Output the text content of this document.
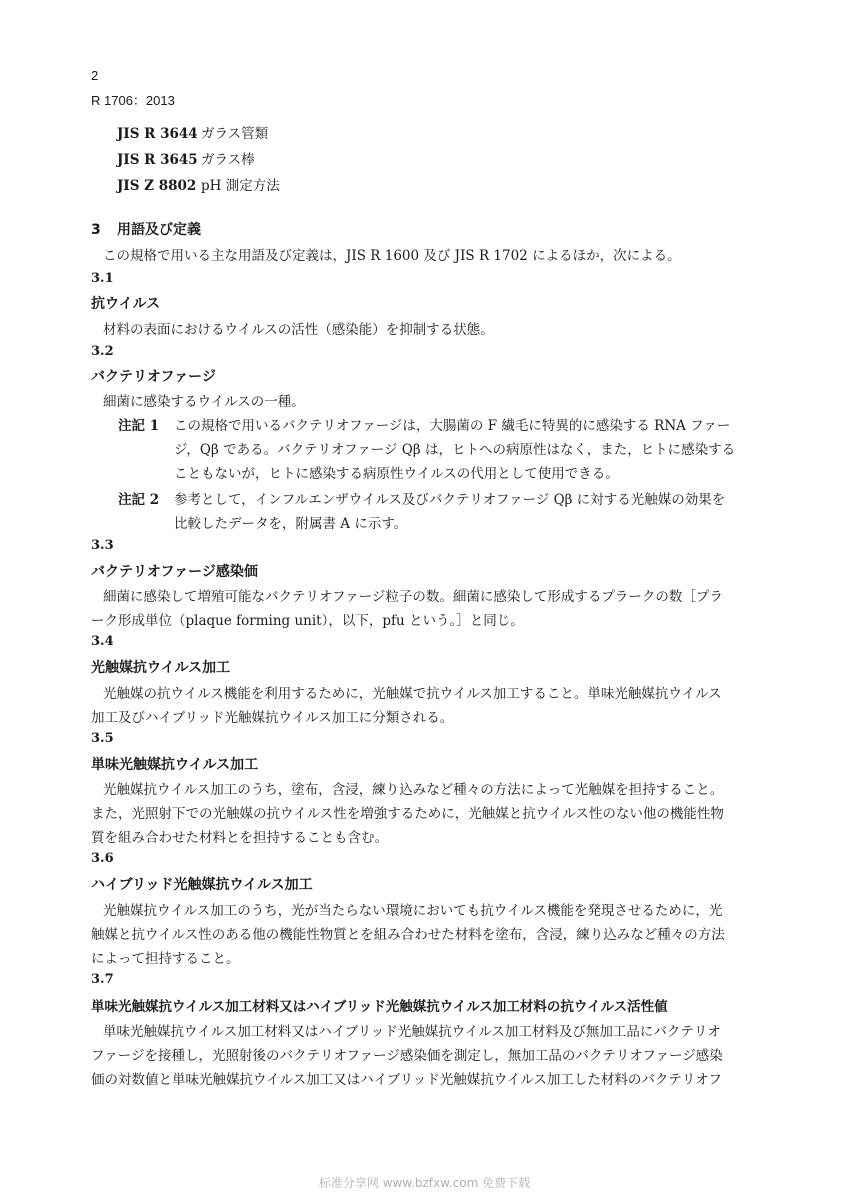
2
R 1706：2013
JIS R 3644 ガラス管類
JIS R 3645 ガラス棒
JIS Z 8802 pH 測定方法
3 用語及び定義
この規格で用いる主な用語及び定義は，JIS R 1600 及び JIS R 1702 によるほか，次による。
3.1
抗ウイルス
材料の表面におけるウイルスの活性（感染能）を抑制する状態。
3.2
バクテリオファージ
細菌に感染するウイルスの一種。
注記 1 この規格で用いるバクテリオファージは，大腸菌の F 繊毛に特異的に感染する RNA ファー
ジ，Qβ である。バクテリオファージ Qβ は，ヒトへの病原性はなく，また，ヒトに感染する
こともないが，ヒトに感染する病原性ウイルスの代用として使用できる。
注記 2 参考として，インフルエンザウイルス及びバクテリオファージ Qβ に対する光触媒の効果を
比較したデータを，附属書 A に示す。
3.3
バクテリオファージ感染価
細菌に感染して増殖可能なバクテリオファージ粒子の数。細菌に感染して形成するプラークの数［プラ
ーク形成単位（plaque forming unit），以下，pfu という。］と同じ。
3.4
光触媒抗ウイルス加工
光触媒の抗ウイルス機能を利用するために，光触媒で抗ウイルス加工すること。単味光触媒抗ウイルス
加工及びハイブリッド光触媒抗ウイルス加工に分類される。
3.5
単味光触媒抗ウイルス加工
光触媒抗ウイルス加工のうち，塗布，含浸，練り込みなど種々の方法によって光触媒を担持すること。
また，光照射下での光触媒の抗ウイルス性を増強するために，光触媒と抗ウイルス性のない他の機能性物
質を組み合わせた材料とを担持することも含む。
3.6
ハイブリッド光触媒抗ウイルス加工
光触媒抗ウイルス加工のうち，光が当たらない環境においても抗ウイルス機能を発現させるために，光
触媒と抗ウイルス性のある他の機能性物質とを組み合わせた材料を塗布，含浸，練り込みなど種々の方法
によって担持すること。
3.7
単味光触媒抗ウイルス加工材料又はハイブリッド光触媒抗ウイルス加工材料の抗ウイルス活性値
単味光触媒抗ウイルス加工材料又はハイブリッド光触媒抗ウイルス加工材料及び無加工品にバクテリオ
ファージを接種し，光照射後のバクテリオファージ感染価を測定し，無加工品のバクテリオファージ感染
価の対数値と単味光触媒抗ウイルス加工又はハイブリッド光触媒抗ウイルス加工した材料のバクテリオフ
标准分享网 www.bzfxw.com 免费下载
